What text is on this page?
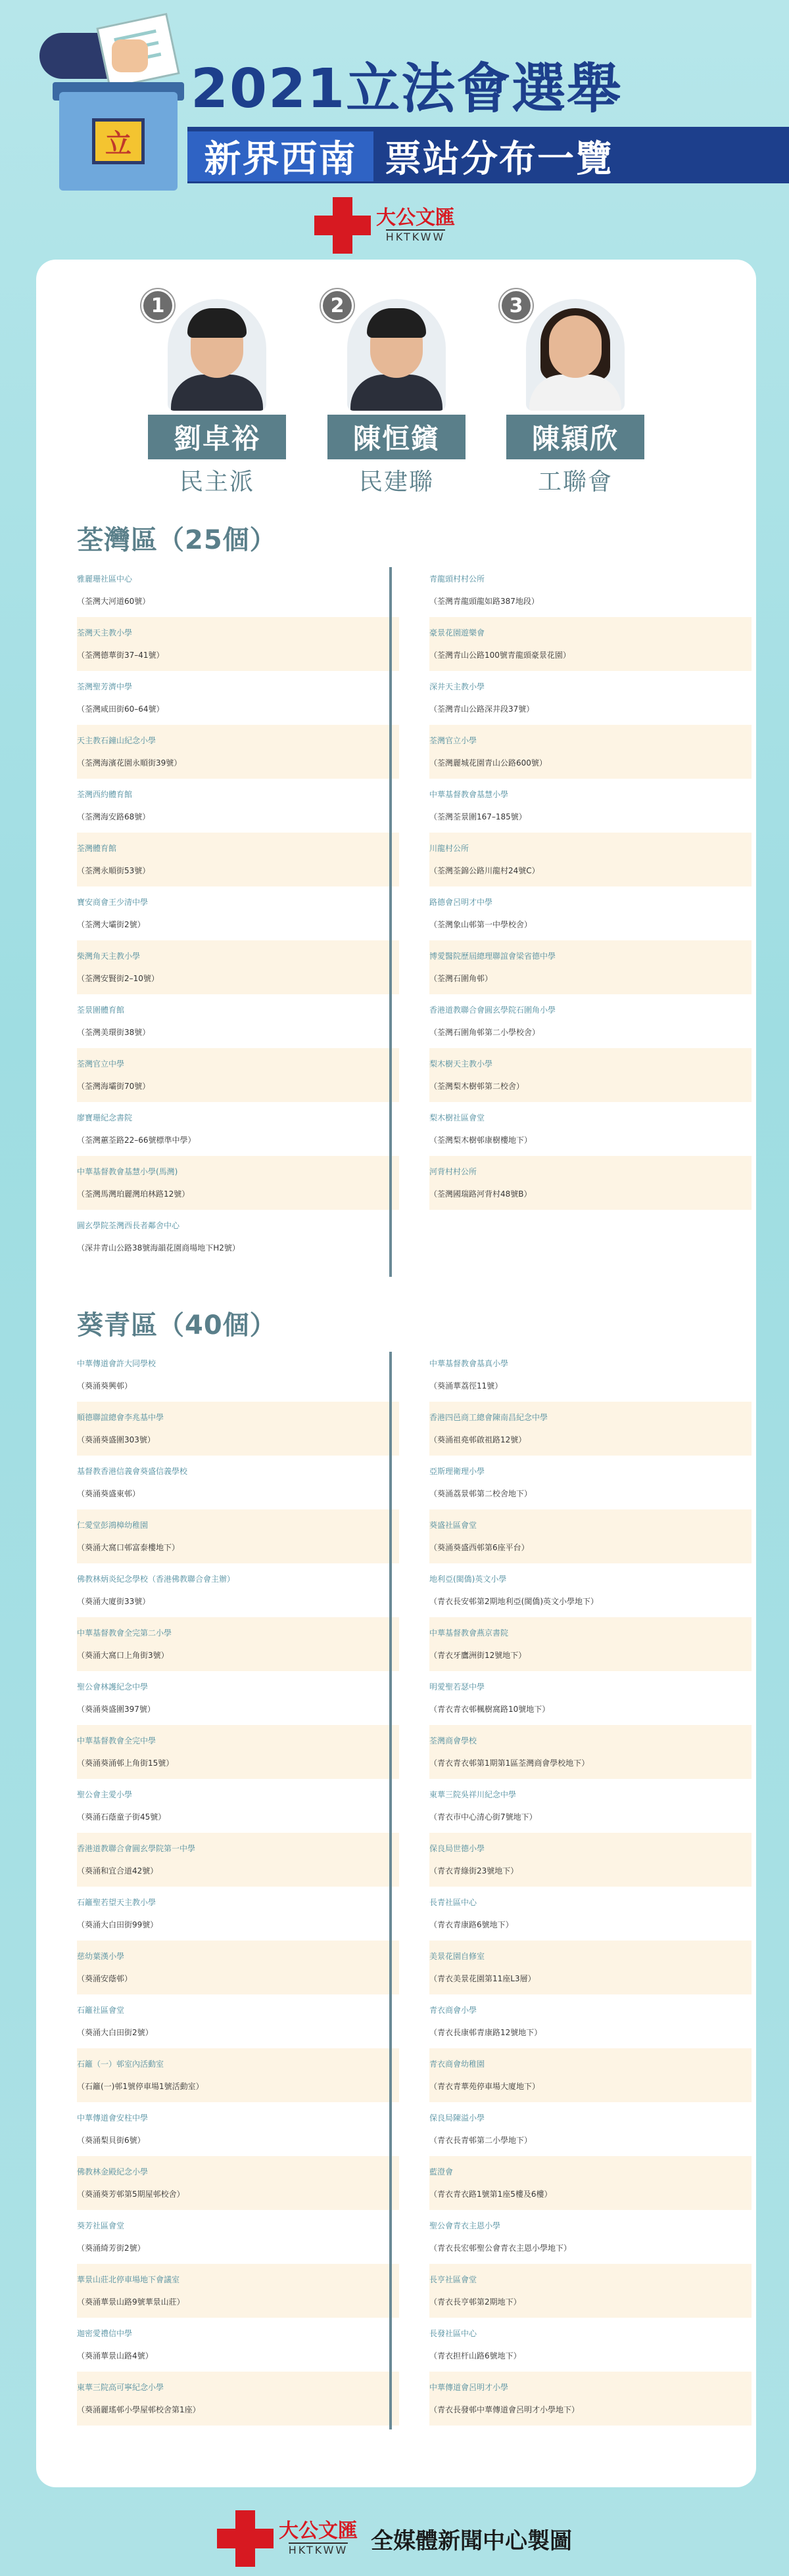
立
2021立法會選舉
新界西南 票站分布一覽
大公文匯
HKTKWW
1
劉卓裕
民主派
2
陳恒鑌
民建聯
3
陳穎欣
工聯會
荃灣區（25個）
雅麗珊社區中心
（荃灣大河道60號）
荃灣天主教小學
（荃灣德華街37–41號）
荃灣聖芳濟中學
（荃灣咸田街60–64號）
天主教石鐘山紀念小學
（荃灣海濱花園永順街39號）
荃灣西約體育館
（荃灣海安路68號）
荃灣體育館
（荃灣永順街53號）
寶安商會王少清中學
（荃灣大壩街2號）
柴灣角天主教小學
（荃灣安賢街2–10號）
荃景圍體育館
（荃灣美環街38號）
荃灣官立中學
（荃灣海壩街70號）
廖寶珊紀念書院
（荃灣蕙荃路22–66號標準中學）
中華基督教會基慧小學(馬灣)
（荃灣馬灣珀麗灣珀林路12號）
圓玄學院荃灣西長者鄰舍中心
（深井青山公路38號海韻花園商場地下H2號）
青龍頭村村公所
（荃灣青龍頭龍如路387地段）
豪景花園遊樂會
（荃灣青山公路100號青龍頭豪景花園）
深井天主教小學
（荃灣青山公路深井段37號）
荃灣官立小學
（荃灣麗城花園青山公路600號）
中華基督教會基慧小學
（荃灣荃景圍167–185號）
川龍村公所
（荃灣荃錦公路川龍村24號C）
路德會呂明才中學
（荃灣象山邨第一中學校舍）
博愛醫院歷屆總理聯誼會梁省德中學
（荃灣石圍角邨）
香港道教聯合會圓玄學院石圍角小學
（荃灣石圍角邨第二小學校舍）
梨木樹天主教小學
（荃灣梨木樹邨第二校舍）
梨木樹社區會堂
（荃灣梨木樹邨康樹樓地下）
河背村村公所
（荃灣國瑞路河背村48號B）
葵青區（40個）
中華傳道會許大同學校
（葵涌葵興邨）
順德聯誼總會李兆基中學
（葵涌葵盛圍303號）
基督教香港信義會葵盛信義學校
（葵涌葵盛東邨）
仁愛堂彭鴻樟幼稚園
（葵涌大窩口邨富泰樓地下）
佛教林炳炎紀念學校（香港佛教聯合會主辦）
（葵涌大廈街33號）
中華基督教會全完第二小學
（葵涌大窩口上角街3號）
聖公會林護紀念中學
（葵涌葵盛圍397號）
中華基督教會全完中學
（葵涌葵涌邨上角街15號）
聖公會主愛小學
（葵涌石蔭童子街45號）
香港道教聯合會圓玄學院第一中學
（葵涌和宜合道42號）
石籬聖若望天主教小學
（葵涌大白田街99號）
慈幼葉漢小學
（葵涌安蔭邨）
石籬社區會堂
（葵涌大白田街2號）
石籬（一）邨室內活動室
（石籬(一)邨1號停車場1號活動室）
中華傳道會安柱中學
（葵涌梨貝街6號）
佛教林金殿紀念小學
（葵涌葵芳邨第5期屋邨校舍）
葵芳社區會堂
（葵涌綺芳街2號）
華景山莊北停車場地下會議室
（葵涌華景山路9號華景山莊）
迦密愛禮信中學
（葵涌華景山路4號）
東華三院高可寧紀念小學
（葵涌麗瑤邨小學屋邨校舍第1座）
中華基督教會基真小學
（葵涌華荔徑11號）
香港四邑商工總會陳南昌紀念中學
（葵涌祖堯邨啟祖路12號）
亞斯理衛理小學
（葵涌荔景邨第二校舍地下）
葵盛社區會堂
（葵涌葵盛西邨第6座平台）
地利亞(閩僑)英文小學
（青衣長安邨第2期地利亞(閩僑)英文小學地下）
中華基督教會燕京書院
（青衣牙鷹洲街12號地下）
明愛聖若瑟中學
（青衣青衣邨楓樹窩路10號地下）
荃灣商會學校
（青衣青衣邨第1期第1區荃灣商會學校地下）
東華三院吳祥川紀念中學
（青衣市中心清心街7號地下）
保良局世德小學
（青衣青綠街23號地下）
長青社區中心
（青衣青康路6號地下）
美景花園自修室
（青衣美景花園第11座L3層）
青衣商會小學
（青衣長康邨青康路12號地下）
青衣商會幼稚園
（青衣青華苑停車場大廈地下）
保良局陳溢小學
（青衣長青邨第二小學地下）
藍澄會
（青衣青衣路1號第1座5樓及6樓）
聖公會青衣主恩小學
（青衣長宏邨聖公會青衣主恩小學地下）
長亨社區會堂
（青衣長亨邨第2期地下）
長發社區中心
（青衣担杆山路6號地下）
中華傳道會呂明才小學
（青衣長發邨中華傳道會呂明才小學地下）
大公文匯
HKTKWW 全媒體新聞中心製圖
